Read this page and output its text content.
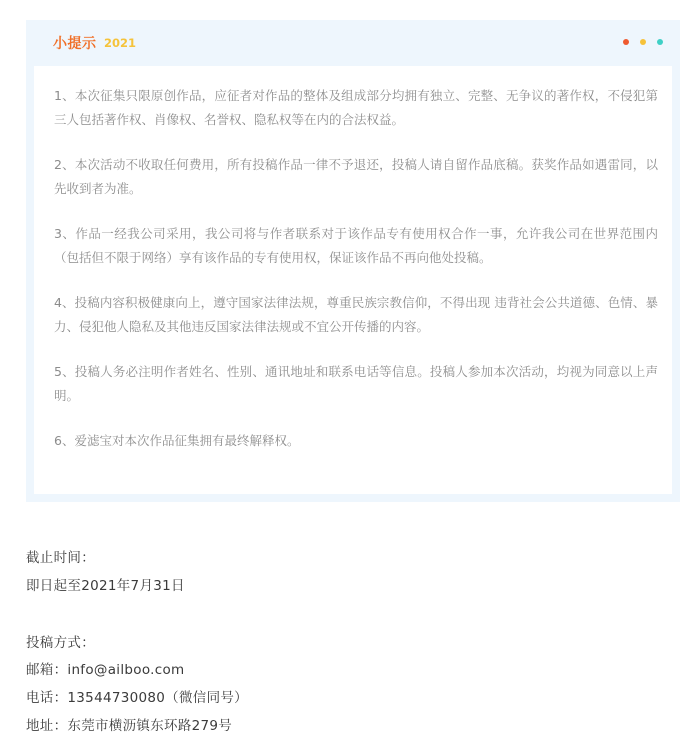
小提示 2021

1、本次征集只限原创作品，应征者对作品的整体及组成部分均拥有独立、完整、无争议的著作权，不侵犯第三人包括著作权、肖像权、名誉权、隐私权等在内的合法权益。

2、本次活动不收取任何费用，所有投稿作品一律不予退还，投稿人请自留作品底稿。获奖作品如遇雷同，以先收到者为准。

3、作品一经我公司采用，我公司将与作者联系对于该作品专有使用权合作一事，允许我公司在世界范围内（包括但不限于网络）享有该作品的专有使用权，保证该作品不再向他处投稿。

4、投稿内容积极健康向上，遵守国家法律法规，尊重民族宗教信仰，不得出现 违背社会公共道德、色情、暴力、侵犯他人隐私及其他违反国家法律法规或不宜公开传播的内容。

5、投稿人务必注明作者姓名、性别、通讯地址和联系电话等信息。投稿人参加本次活动，均视为同意以上声明。

6、爱滤宝对本次作品征集拥有最终解释权。

截止时间：
即日起至2021年7月31日
投稿方式：
邮箱：info@ailboo.com
电话：13544730080（微信同号）
地址：东莞市横沥镇东环路279号
